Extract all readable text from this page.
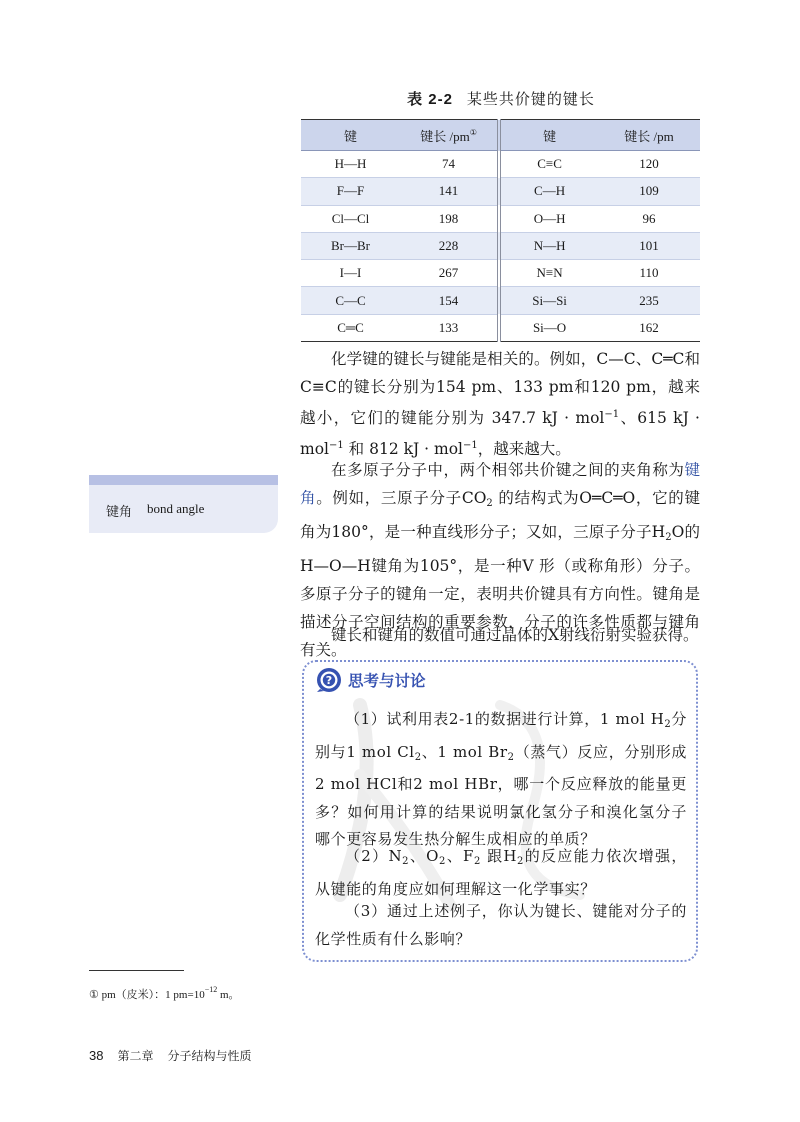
表 2-2 某些共价键的键长
键	键长 /pm①	键	键长 /pm
H—H	74	C≡C	120
F—F	141	C—H	109
Cl—Cl	198	O—H	96
Br—Br	228	N—H	101
I—I	267	N≡N	110
C—C	154	Si—Si	235
C═C	133	Si—O	162

化学键的键长与键能是相关的。例如，C—C、C═C和C≡C的键长分别为154 pm、133 pm和120 pm，越来越小，它们的键能分别为 347.7 kJ · mol$^{-1}$、615 kJ · mol$^{-1}$ 和 812 kJ · mol$^{-1}$，越来越大。

在多原子分子中，两个相邻共价键之间的夹角称为键角。例如，三原子分子$CO_2$ 的结构式为O═C═O，它的键角为180°，是一种直线形分子；又如，三原子分子$H_2O$的H—O—H键角为105°，是一种V 形（或称角形）分子。多原子分子的键角一定，表明共价键具有方向性。键角是描述分子空间结构的重要参数，分子的许多性质都与键角有关。

键长和键角的数值可通过晶体的X射线衍射实验获得。

键角 bond angle
? 思考与讨论

（1）试利用表2-1的数据进行计算，1 mol $H_2$分别与1 mol $Cl_2$、1 mol $Br_2$（蒸气）反应，分别形成2 mol HCl和2 mol HBr，哪一个反应释放的能量更多？如何用计算的结果说明氯化氢分子和溴化氢分子哪个更容易发生热分解生成相应的单质？

$(2)N_2$、$O_2$、$F_2$ 跟$H_2$的反应能力依次增强，从键能的角度应如何理解这一化学事实？

（3）通过上述例子，你认为键长、键能对分子的化学性质有什么影响？

① pm（皮米）：1 $pm=10^{-12}$ m。
38 第二章 分子结构与性质
